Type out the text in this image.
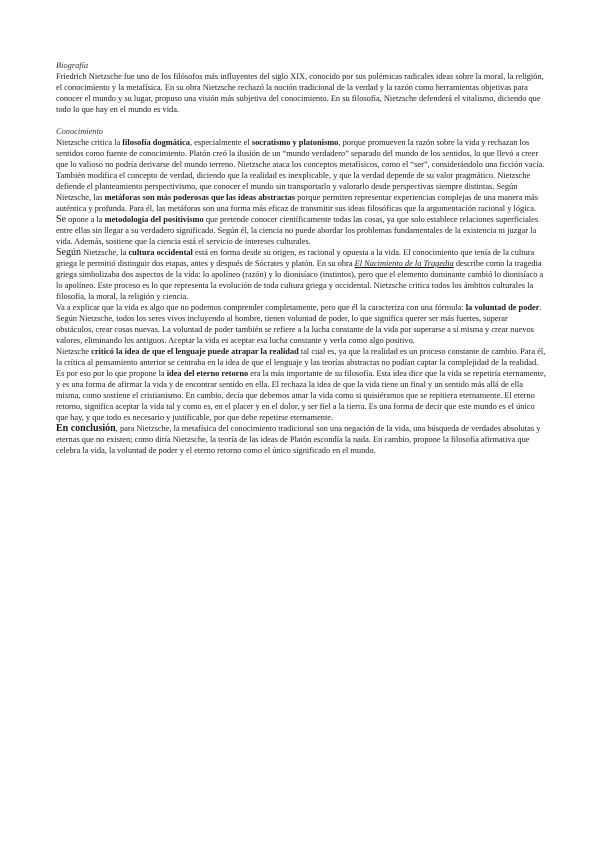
Biografía

Friedrich Nietzsche fue uno de los filósofos más influyentes del siglo XIX, conocido por sus polémicas radicales ideas sobre la moral, la religión, el conocimiento y la metafísica. En su obra Nietzsche rechazó la noción tradicional de la verdad y la razón como herramientas objetivas para conocer el mundo y su lugar, propuso una visión más subjetiva del conocimiento. En su filosofía, Nietzsche defenderá el vitalismo, diciendo que todo lo que hay en el mundo es vida.

Conocimiento

Nietzsche critica la filosofía dogmática, especialmente el socratismo y platonismo, porque promueven la razón sobre la vida y rechazan los sentidos como fuente de conocimiento. Platón creó la ilusión de un “mundo verdadero” separado del mundo de los sentidos, lo que llevó a creer que lo valioso no podría derivarse del mundo terreno. Nietzsche ataca los conceptos metafísicos, como el “ser”, considerándolo una ficción vacía. También modifica el concepto de verdad, diciendo que la realidad es inexplicable, y que la verdad depende de su valor pragmático. Nietzsche defiende el planteamiento perspectivismo, que conocer el mundo sin transportarlo y valorarlo desde perspectivas siempre distintas. Según Nietzsche, las metáforas son más poderosas que las ideas abstractas porque permiten representar experiencias complejas de una manera más auténtica y profunda. Para él, las metáforas son una forma más eficaz de transmitir sus ideas filosóficas que la argumentación racional y lógica.

Se opone a la metodología del positivismo que pretende conocer científicamente todas las cosas, ya que solo establece relaciones superficiales entre ellas sin llegar a su verdadero significado. Según él, la ciencia no puede abordar los problemas fundamentales de la existencia ni juzgar la vida. Además, sostiene que la ciencia está el servicio de intereses culturales.

Según Nietzsche, la cultura occidental está en forma desde su origen, es racional y opuesta a la vida. El conocimiento que tenía de la cultura griega le permitió distinguir dos etapas, antes y después de Sócrates y platón. En su obra El Nacimiento de la Tragedia describe como la tragedia griega simbolizaba dos aspectos de la vida: lo apolíneo (razón) y lo dionisíaco (instintos), pero que el elemento dominante cambió lo dionisíaco a lo apolíneo. Este proceso es lo que representa la evolución de toda cultura griega y occidental. Nietzsche critica todos los ámbitos culturales la filosofía, la moral, la religión y ciencia.

Va a explicar que la vida es algo que no podemos comprender completamente, pero que él la caracteriza con una fórmula: la voluntad de poder. Según Nietzsche, todos los seres vivos incluyendo al hombre, tienen voluntad de poder, lo que significa querer ser más fuertes, superar obstáculos, crear cosas nuevas. La voluntad de poder también se refiere a la lucha constante de la vida por superarse a sí misma y crear nuevos valores, eliminando los antiguos. Aceptar la vida es aceptar esa lucha constante y verla como algo positivo.

Nietzsche criticó la idea de que el lenguaje puede atrapar la realidad tal cual es, ya que la realidad es un proceso constante de cambio. Para él, la crítica al pensamiento anterior se centraba en la idea de que el lenguaje y las teorías abstractas no podían captar la complejidad de la realidad. Es por eso por lo que propone la idea del eterno retorno era la más importante de su filosofía. Esta idea dice que la vida se repetiría eternamente, y es una forma de afirmar la vida y de encontrar sentido en ella. El rechaza la idea de que la vida tiene un final y un sentido más allá de ella misma, como sostiene el cristianismo. En cambio, decía que debemos amar la vida como si quisiéramos que se repitiera eternamente. El eterno retorno, significa aceptar la vida tal y como es, en el placer y en el dolor, y ser fiel a la tierra. Es una forma de decir que este mundo es el único que hay, y que todo es necesario y justificable, por que debe repetirse eternamente.

En conclusión, para Nietzsche, la metafísica del conocimiento tradicional son una negación de la vida, una búsqueda de verdades absolutas y eternas que no existen; como diría Nietzsche, la teoría de las ideas de Platón escondía la nada. En cambio, propone la filosofía afirmativa que celebra la vida, la voluntad de poder y el eterno retorno como el único significado en el mundo.
